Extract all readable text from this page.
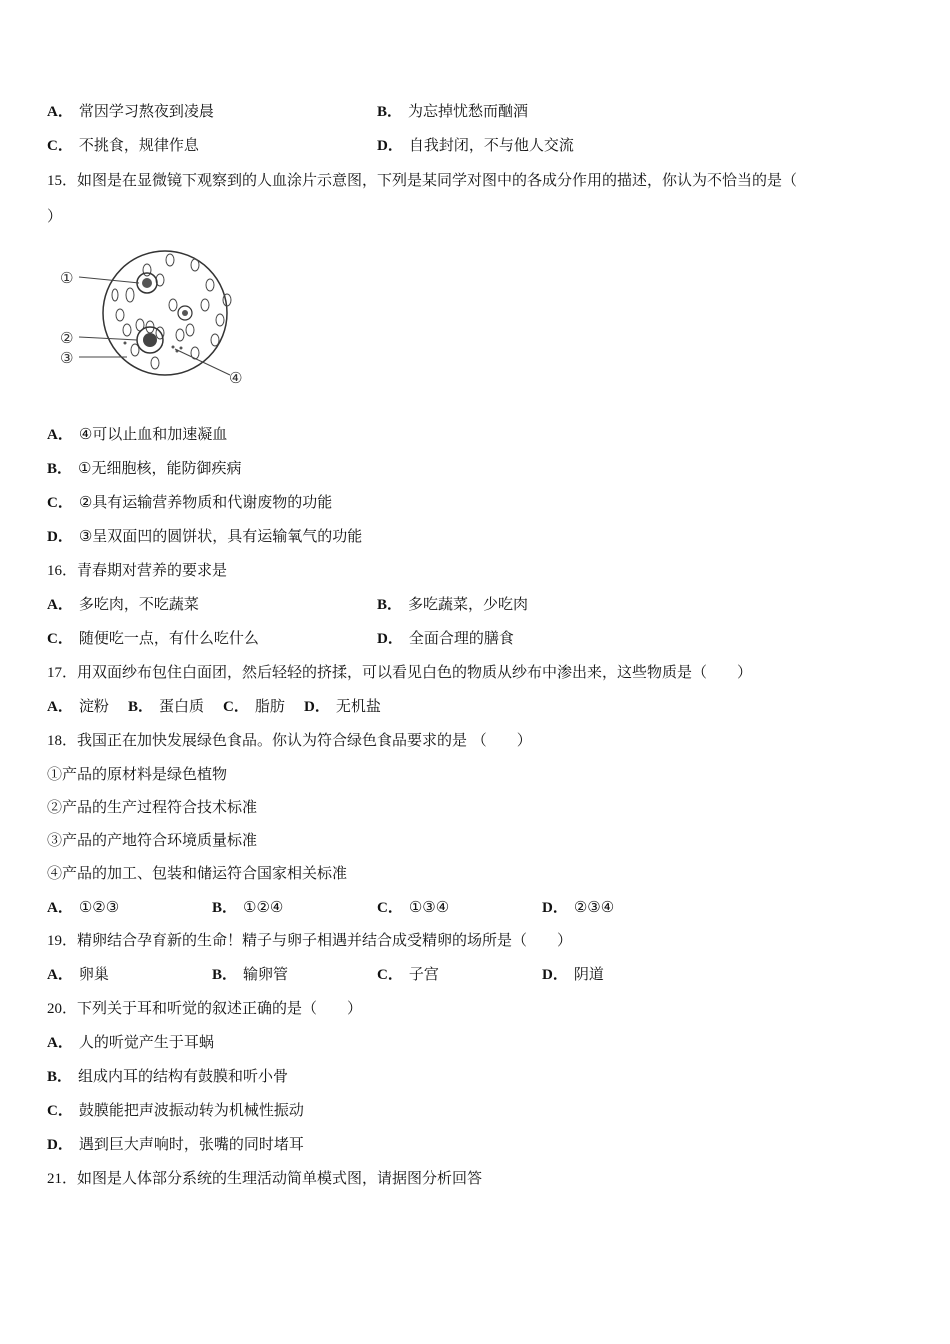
A． 常因学习熬夜到凌晨	B． 为忘掉忧愁而酗酒
C． 不挑食，规律作息	D． 自我封闭，不与他人交流
15．如图是在显微镜下观察到的人血涂片示意图，下列是某同学对图中的各成分作用的描述，你认为不恰当的是（
）
①
②
③
④
A． ④可以止血和加速凝血
B． ①无细胞核，能防御疾病
C． ②具有运输营养物质和代谢废物的功能
D． ③呈双面凹的圆饼状，具有运输氧气的功能
16．青春期对营养的要求是
A． 多吃肉，不吃蔬菜	B． 多吃蔬菜，少吃肉
C． 随便吃一点，有什么吃什么	D． 全面合理的膳食
17．用双面纱布包住白面团，然后轻轻的挤揉，可以看见白色的物质从纱布中渗出来，这些物质是（　　）
A． 淀粉 B． 蛋白质 C． 脂肪 D． 无机盐
18．我国正在加快发展绿色食品。你认为符合绿色食品要求的是 （　　）
①产品的原材料是绿色植物
②产品的生产过程符合技术标准
③产品的产地符合环境质量标准
④产品的加工、包装和储运符合国家相关标准
A． ①②③	B． ①②④	C． ①③④	D． ②③④
19．精卵结合孕育新的生命！精子与卵子相遇并结合成受精卵的场所是（　　）
A． 卵巢	B． 输卵管	C． 子宫	D． 阴道
20．下列关于耳和听觉的叙述正确的是（　　）
A． 人的听觉产生于耳蜗
B． 组成内耳的结构有鼓膜和听小骨
C． 鼓膜能把声波振动转为机械性振动
D． 遇到巨大声响时，张嘴的同时堵耳
21．如图是人体部分系统的生理活动简单模式图，请据图分析回答
